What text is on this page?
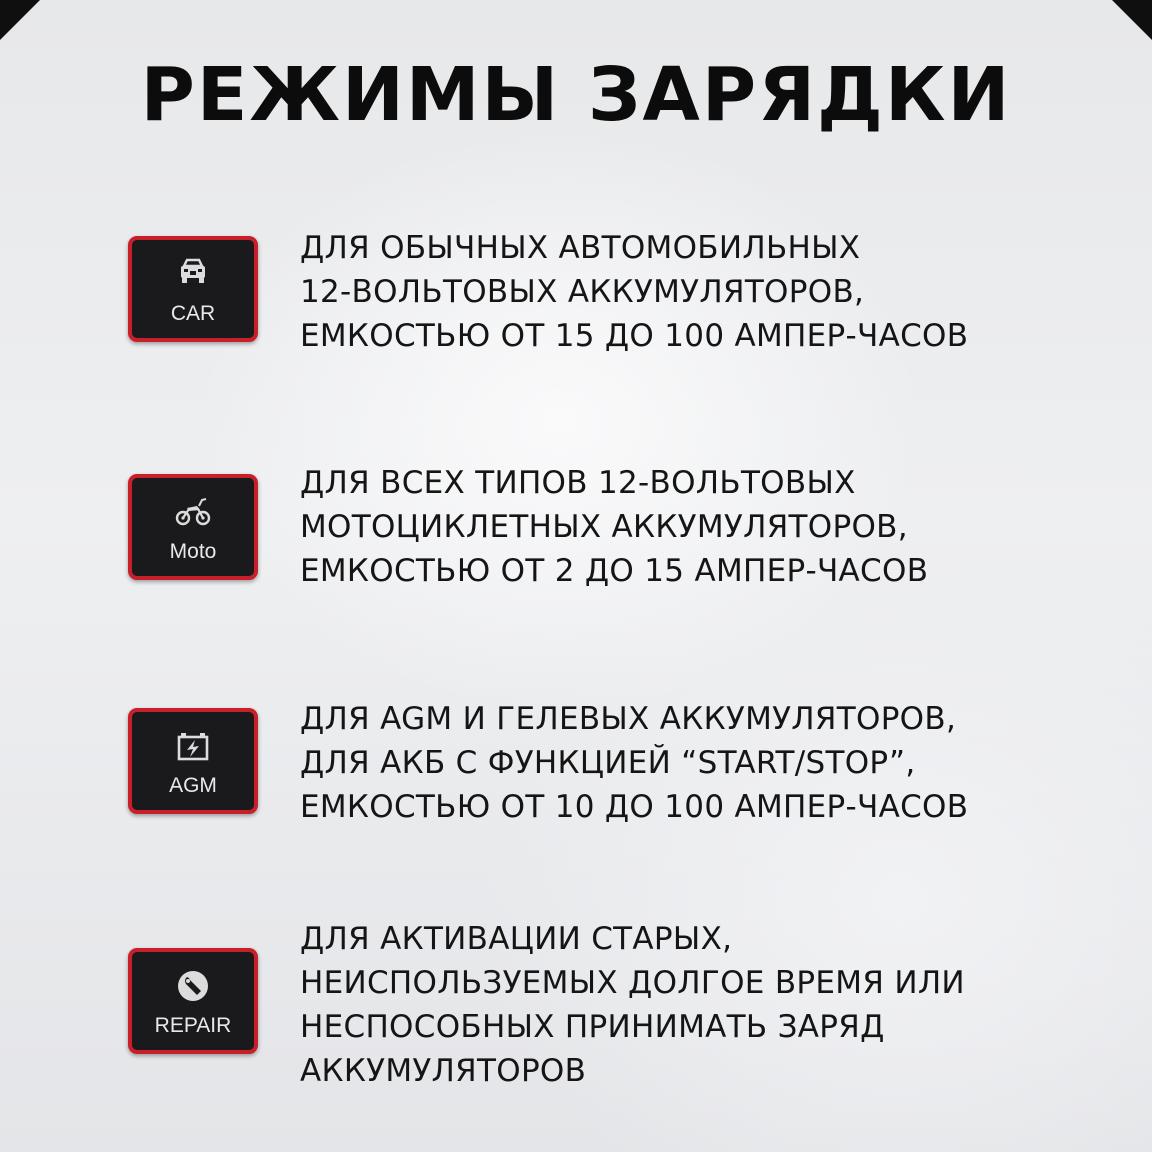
РЕЖИМЫ ЗАРЯДКИ
CAR
ДЛЯ ОБЫЧНЫХ АВТОМОБИЛЬНЫХ
12-ВОЛЬТОВЫХ АККУМУЛЯТОРОВ,
ЕМКОСТЬЮ ОТ 15 ДО 100 АМПЕР-ЧАСОВ
Moto
ДЛЯ ВСЕХ ТИПОВ 12-ВОЛЬТОВЫХ
МОТОЦИКЛЕТНЫХ АККУМУЛЯТОРОВ,
ЕМКОСТЬЮ ОТ 2 ДО 15 АМПЕР-ЧАСОВ
AGM
ДЛЯ AGM И ГЕЛЕВЫХ АККУМУЛЯТОРОВ,
ДЛЯ АКБ С ФУНКЦИЕЙ “START/STOP”,
ЕМКОСТЬЮ ОТ 10 ДО 100 АМПЕР-ЧАСОВ
REPAIR
ДЛЯ АКТИВАЦИИ СТАРЫХ,
НЕИСПОЛЬЗУЕМЫХ ДОЛГОЕ ВРЕМЯ ИЛИ
НЕСПОСОБНЫХ ПРИНИМАТЬ ЗАРЯД
АККУМУЛЯТОРОВ
